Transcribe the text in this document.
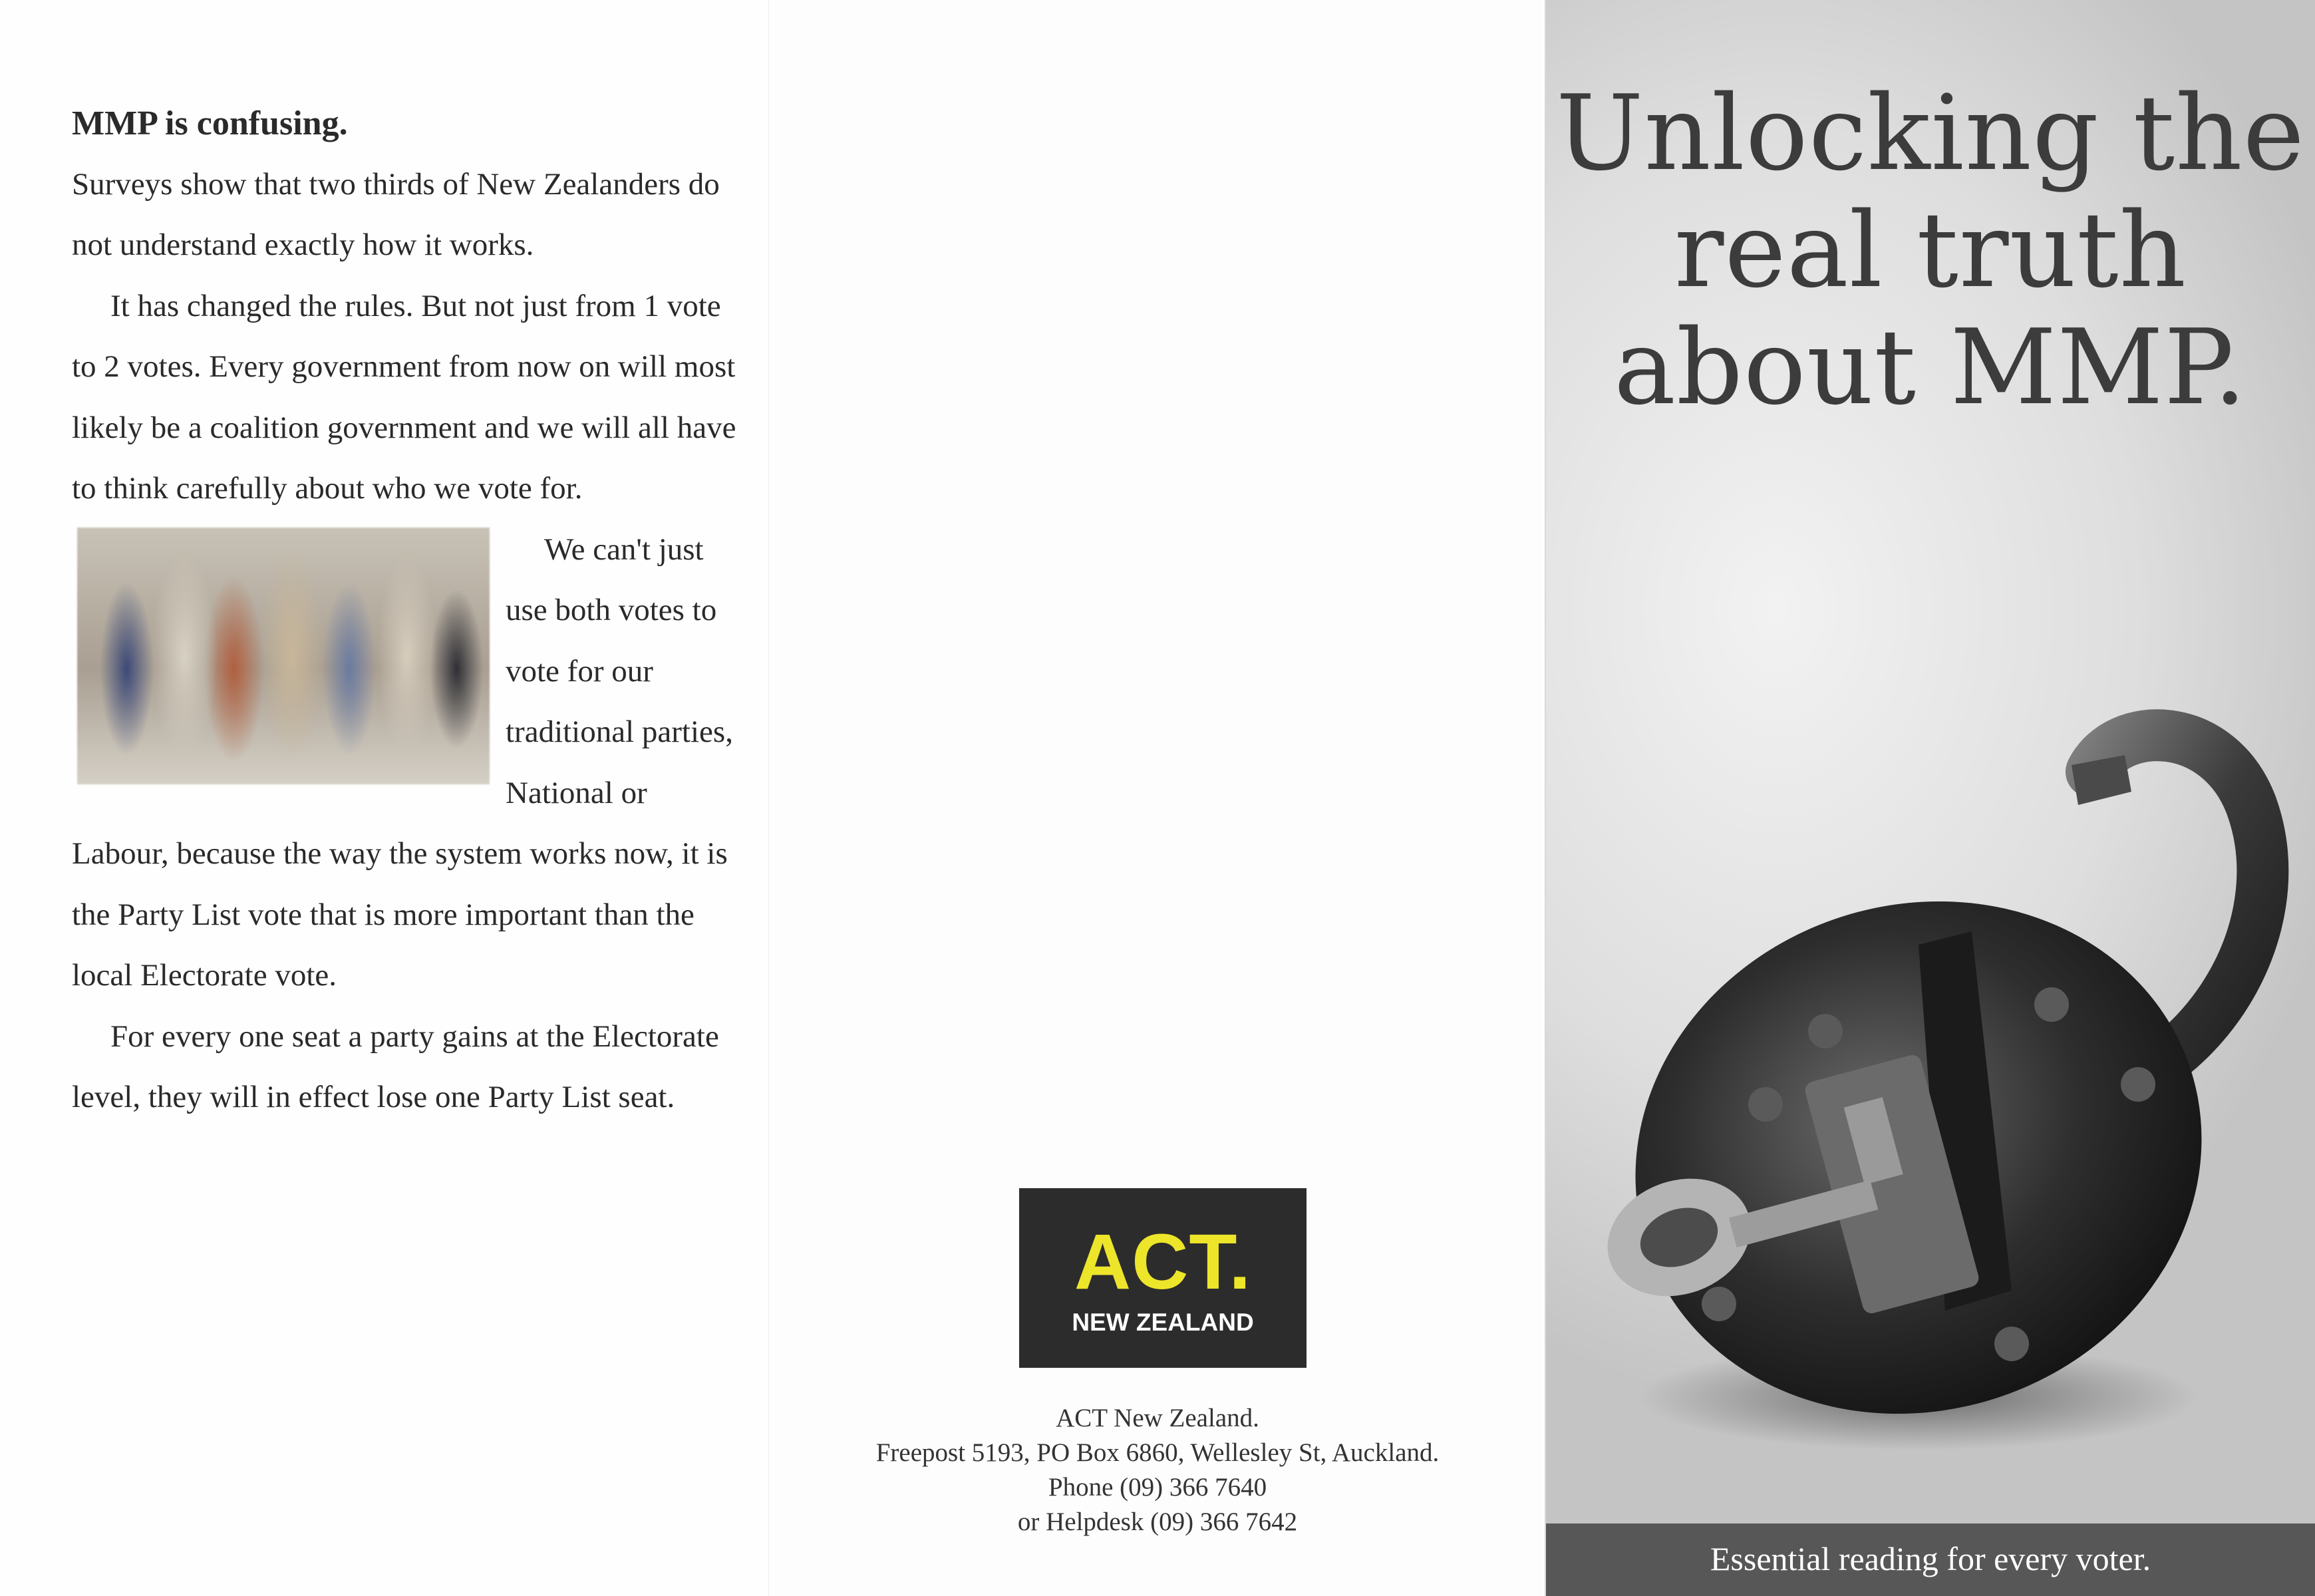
MMP is confusing.

Surveys show that two thirds of New Zealanders do not understand exactly how it works.

It has changed the rules. But not just from 1 vote to 2 votes. Every government from now on will most likely be a coalition government and we will all have to think carefully about who we vote for.

We can't just use both votes to vote for our traditional parties, National or Labour, because the way the system works now, it is the Party List vote that is more important than the local Electorate vote.

For every one seat a party gains at the Electorate level, they will in effect lose one Party List seat.

ACT.
NEW ZEALAND
ACT New Zealand.
Freepost 5193, PO Box 6860, Wellesley St, Auckland.
Phone (09) 366 7640
or Helpdesk (09) 366 7642
Unlocking the
real truth
about MMP.
Essential reading for every voter.
